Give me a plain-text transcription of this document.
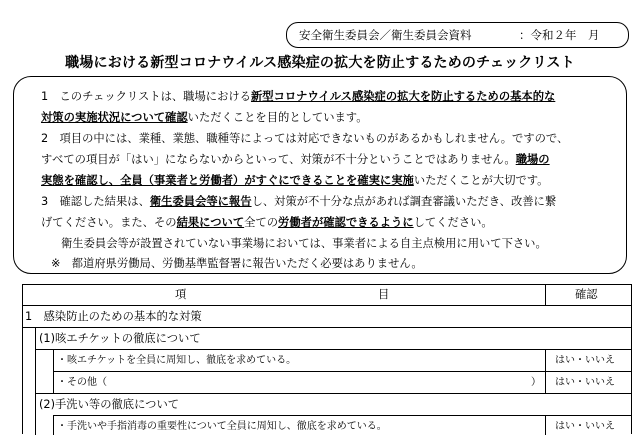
安全衛生委員会／衛生委員会資料	：令和２年　月
職場における新型コロナウイルス感染症の拡大を防止するためのチェックリスト
1　このチェックリストは、職場における新型コロナウイルス感染症の拡大を防止するための基本的な
対策の実施状況について確認いただくことを目的としています。
2　項目の中には、業種、業態、職種等によっては対応できないものがあるかもしれません。ですので、
すべての項目が「はい」にならないからといって、対策が不十分ということではありません。職場の
実態を確認し、全員（事業者と労働者）がすぐにできることを確実に実施いただくことが大切です。
3　確認した結果は、衛生委員会等に報告し、対策が不十分な点があれば調査審議いただき、改善に繋
げてください。また、その結果について全ての労働者が確認できるようにしてください。
衛生委員会等が設置されていない事業場においては、事業者による自主点検用に用いて下さい。
※　都道府県労働局、労働基準監督署に報告いただく必要はありません。
項	目	確認
1　感染防止のための基本的な対策
(1)咳エチケットの徹底について
・咳エチケットを全員に周知し、徹底を求めている。	はい・いいえ
・その他（	） はい・いいえ
(2)手洗い等の徹底について
・手洗いや手指消毒の重要性について全員に周知し、徹底を求めている。	はい・いいえ
